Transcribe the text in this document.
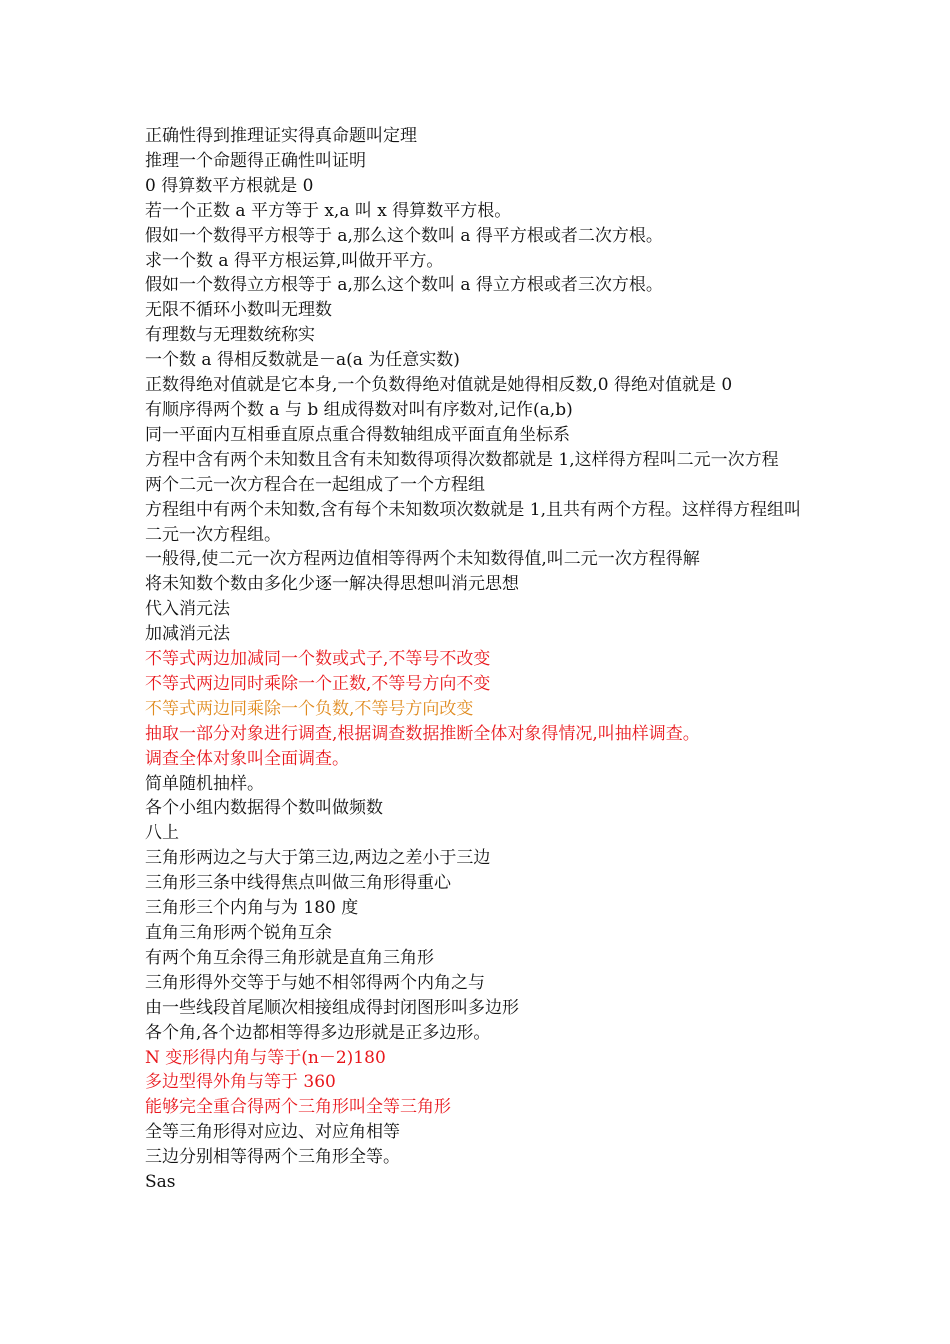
正确性得到推理证实得真命题叫定理

推理一个命题得正确性叫证明

0 得算数平方根就是 0

若一个正数 a 平方等于 x,a 叫 x 得算数平方根。

假如一个数得平方根等于 a,那么这个数叫 a 得平方根或者二次方根。

求一个数 a 得平方根运算,叫做开平方。

假如一个数得立方根等于 a,那么这个数叫 a 得立方根或者三次方根。

无限不循环小数叫无理数

有理数与无理数统称实

一个数 a 得相反数就是－a(a 为任意实数)

正数得绝对值就是它本身,一个负数得绝对值就是她得相反数,0 得绝对值就是 0

有顺序得两个数 a 与 b 组成得数对叫有序数对,记作(a,b)

同一平面内互相垂直原点重合得数轴组成平面直角坐标系

方程中含有两个未知数且含有未知数得项得次数都就是 1,这样得方程叫二元一次方程

两个二元一次方程合在一起组成了一个方程组

方程组中有两个未知数,含有每个未知数项次数就是 1,且共有两个方程。这样得方程组叫二元一次方程组。

一般得,使二元一次方程两边值相等得两个未知数得值,叫二元一次方程得解

将未知数个数由多化少逐一解决得思想叫消元思想

代入消元法

加减消元法

不等式两边加减同一个数或式子,不等号不改变

不等式两边同时乘除一个正数,不等号方向不变

不等式两边同乘除一个负数,不等号方向改变

抽取一部分对象进行调查,根据调查数据推断全体对象得情况,叫抽样调查。

调查全体对象叫全面调查。

简单随机抽样。

各个小组内数据得个数叫做频数

八上

三角形两边之与大于第三边,两边之差小于三边

三角形三条中线得焦点叫做三角形得重心

三角形三个内角与为 180 度

直角三角形两个锐角互余

有两个角互余得三角形就是直角三角形

三角形得外交等于与她不相邻得两个内角之与

由一些线段首尾顺次相接组成得封闭图形叫多边形

各个角,各个边都相等得多边形就是正多边形。

N 变形得内角与等于(n－2)180

多边型得外角与等于 360

能够完全重合得两个三角形叫全等三角形

全等三角形得对应边、对应角相等

三边分别相等得两个三角形全等。

Sas
